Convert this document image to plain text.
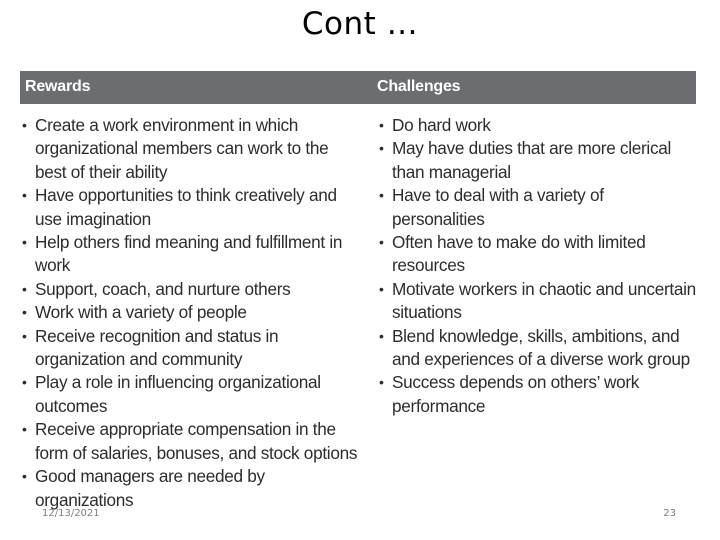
Cont …
Rewards	Challenges
• Create a work environment in which organizational members can work to the best of their ability
• Have opportunities to think creatively and use imagination
• Help others find meaning and fulfillment in work
• Support, coach, and nurture others
• Work with a variety of people
• Receive recognition and status in organization and community
• Play a role in influencing organizational outcomes
• Receive appropriate compensation in the form of salaries, bonuses, and stock options
• Good managers are needed by organizations
• Do hard work
• May have duties that are more clerical than managerial
• Have to deal with a variety of personalities
• Often have to make do with limited resources
• Motivate workers in chaotic and uncertain situations
• Blend knowledge, skills, ambitions, and and experiences of a diverse work group
• Success depends on others’ work performance
12/13/2021	23
